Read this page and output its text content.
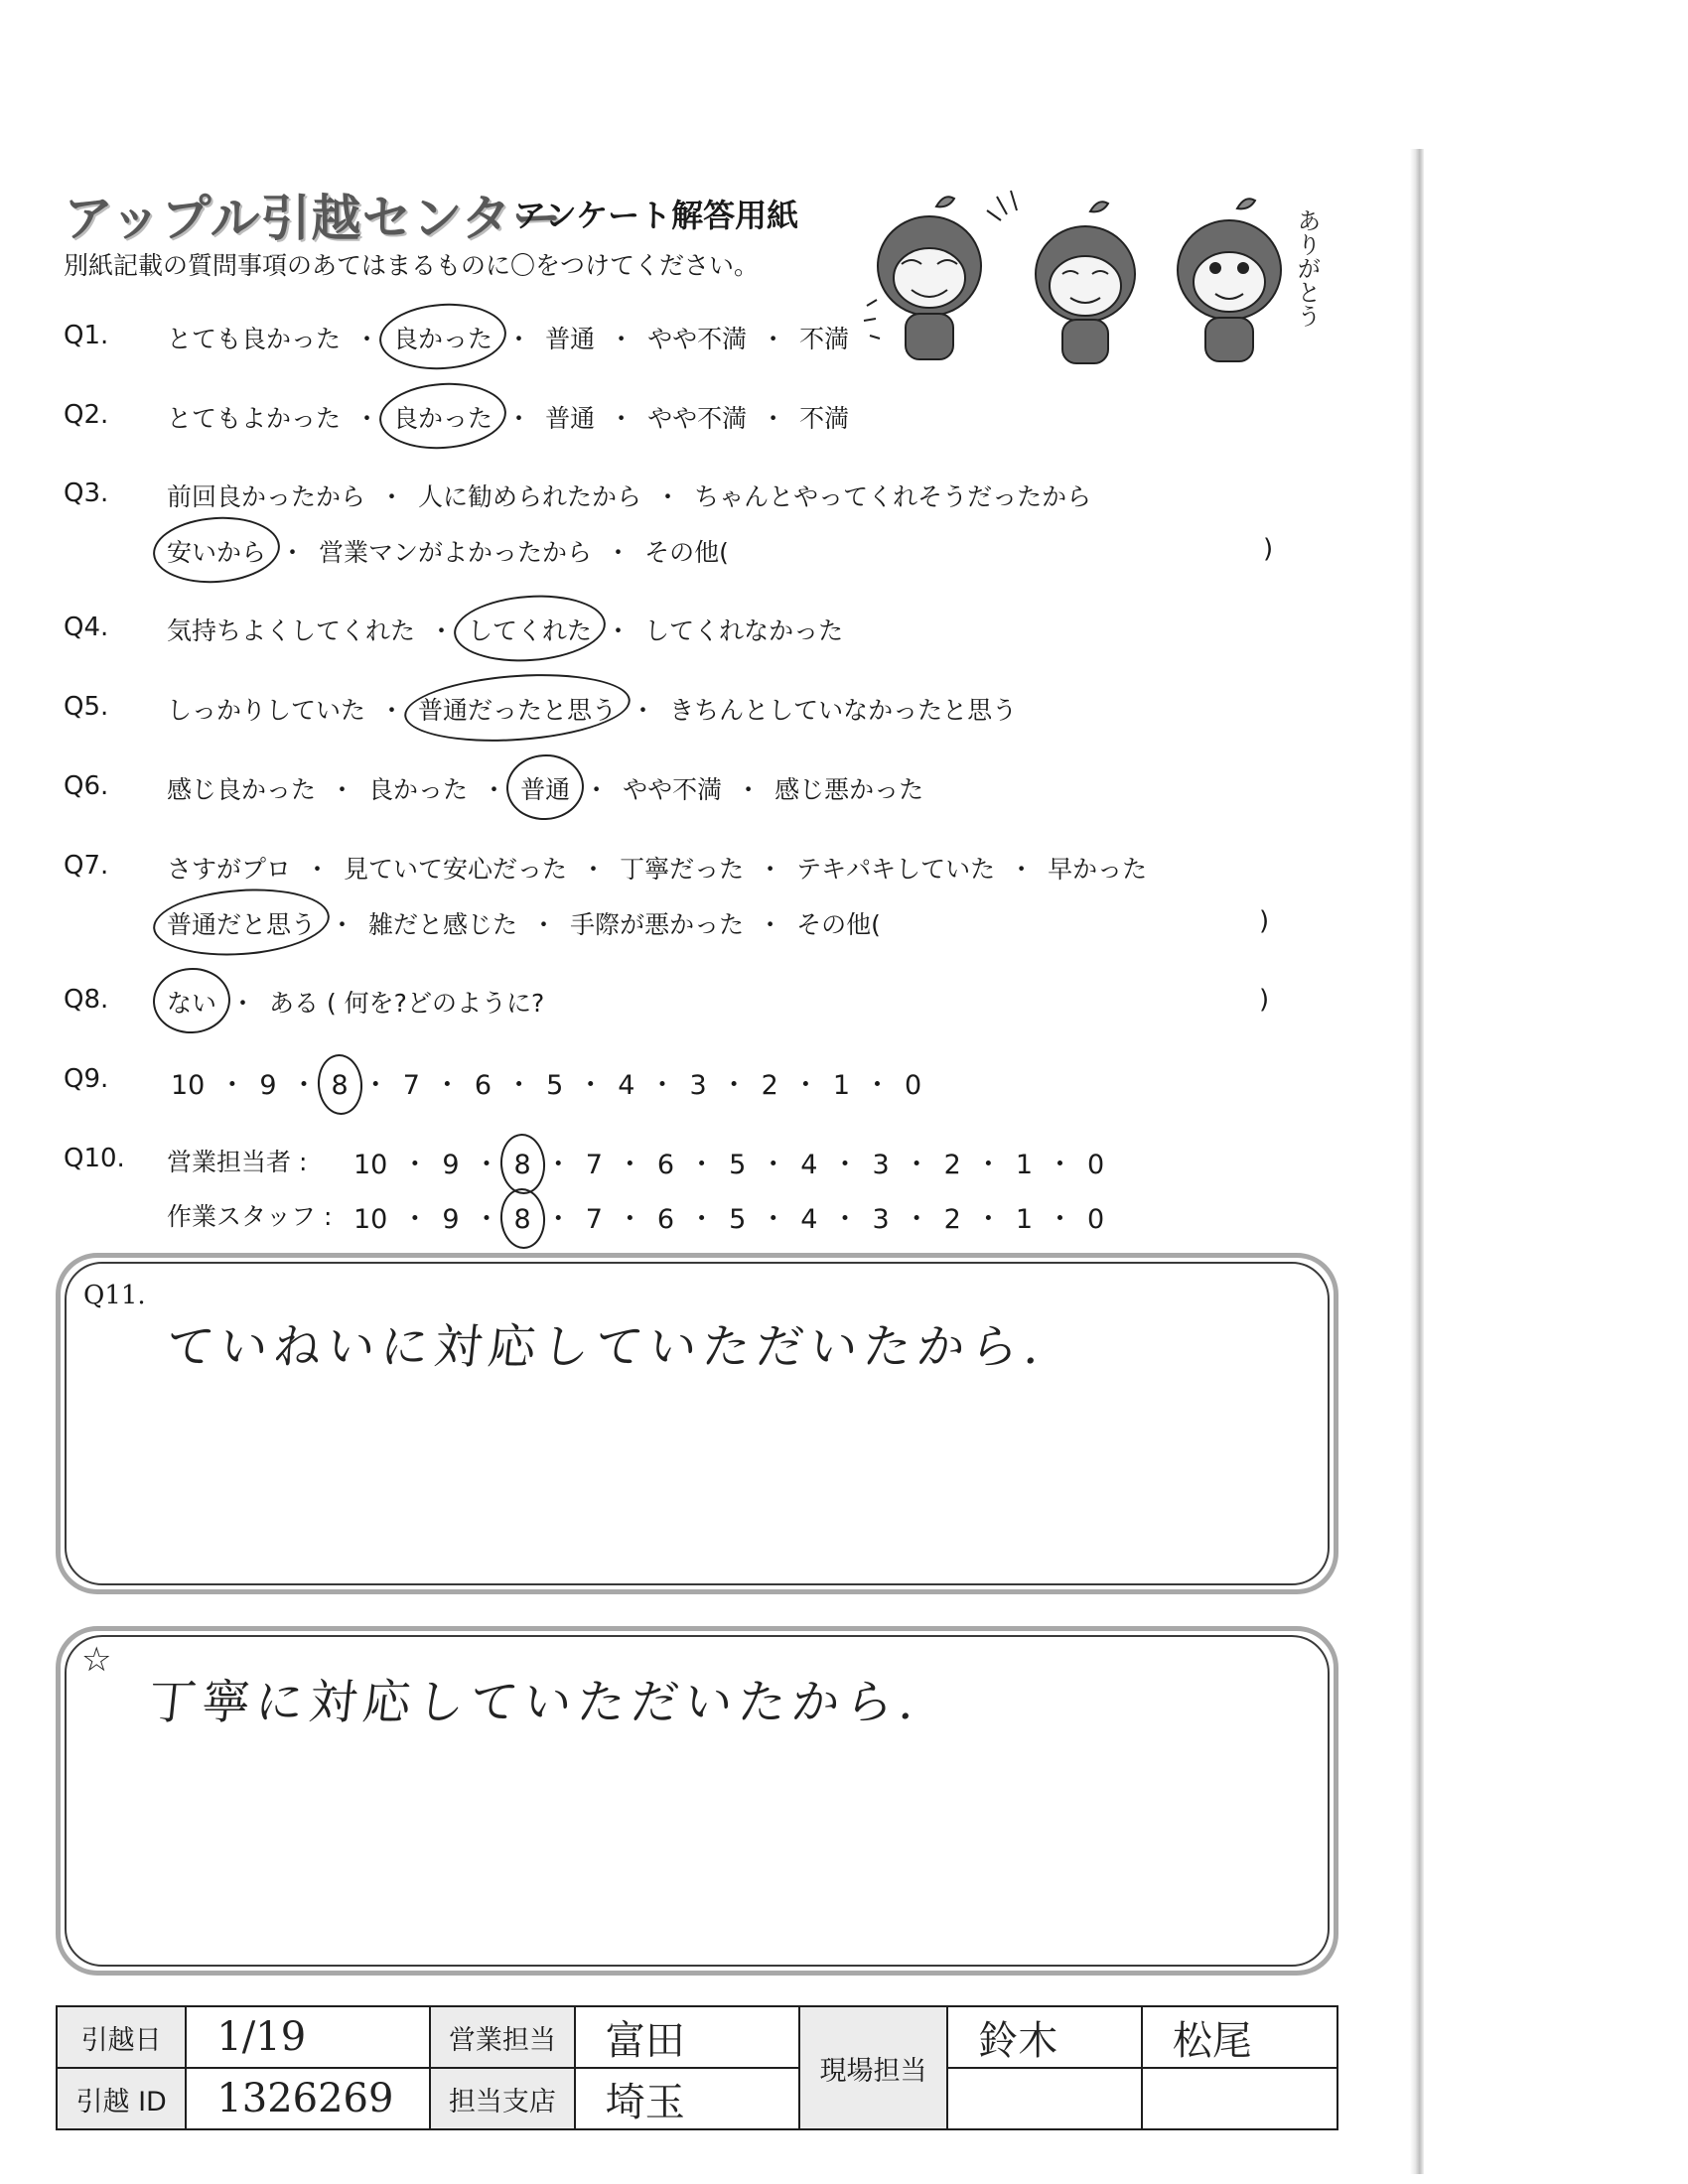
アップル引越センター
アンケート解答用紙
別紙記載の質問事項のあてはまるものに〇をつけてください。	ありがとう
Q1. とても良かった ・ 良かった ・ 普通 ・ やや不満 ・ 不満
Q2. とてもよかった ・ 良かった ・ 普通 ・ やや不満 ・ 不満
Q3. 前回良かったから ・ 人に勧められたから ・ ちゃんとやってくれそうだったから
安いから ・ 営業マンがよかったから ・ その他(	)
Q4. 気持ちよくしてくれた ・ してくれた ・ してくれなかった
Q5. しっかりしていた ・ 普通だったと思う ・ きちんとしていなかったと思う
Q6. 感じ良かった ・ 良かった ・ 普通 ・ やや不満 ・ 感じ悪かった
Q7. さすがプロ ・ 見ていて安心だった ・ 丁寧だった ・ テキパキしていた ・ 早かった
普通だと思う ・ 雑だと感じた ・ 手際が悪かった ・ その他(	)
Q8. ない ・ ある ( 何を?どのように?	)
Q9. 10 ・ 9 ・ 8 ・ 7 ・ 6 ・ 5 ・ 4 ・ 3 ・ 2 ・ 1 ・ 0
Q10. 営業担当者 : 10 ・ 9 ・ 8 ・ 7 ・ 6 ・ 5 ・ 4 ・ 3 ・ 2 ・ 1 ・ 0
作業スタッフ : 10 ・ 9 ・ 8 ・ 7 ・ 6 ・ 5 ・ 4 ・ 3 ・ 2 ・ 1 ・ 0
Q11.
ていねいに対応していただいたから.
☆
丁寧に対応していただいたから.
引越日	1/19	営業担当	富田	現場担当	鈴木	松尾
引越 ID	1326269	担当支店	埼玉			
